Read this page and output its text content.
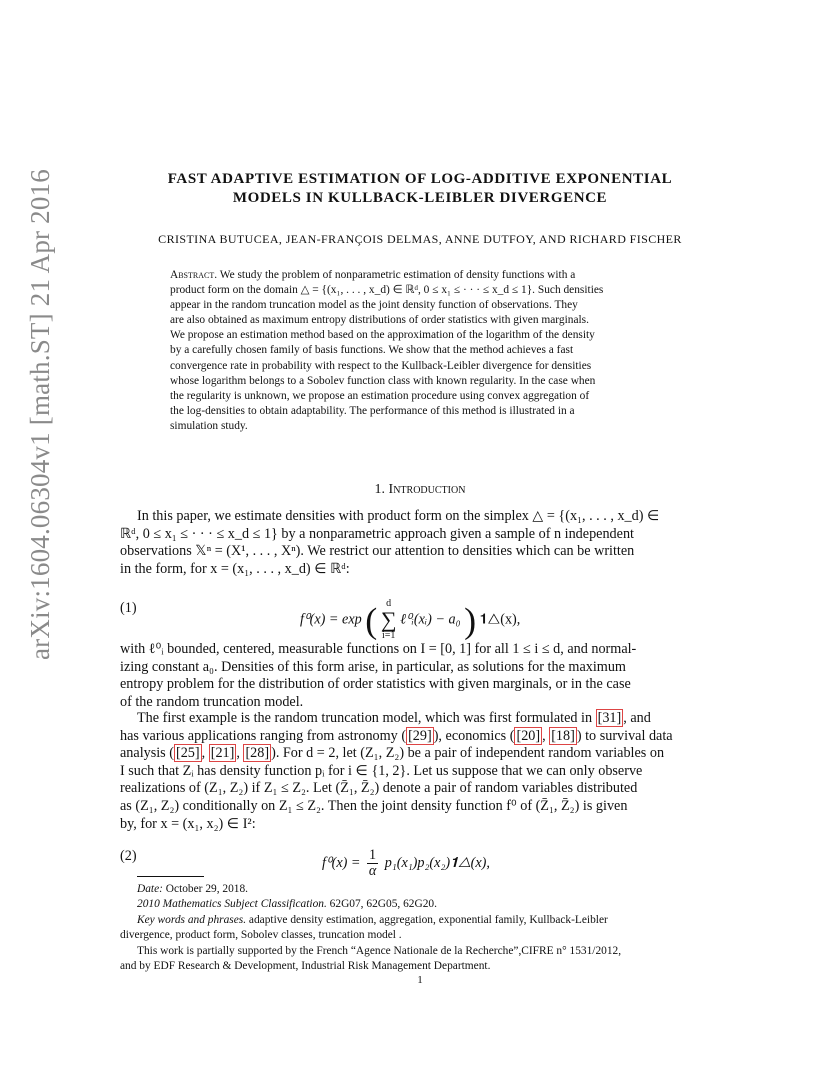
arXiv:1604.06304v1 [math.ST] 21 Apr 2016	FAST ADAPTIVE ESTIMATION OF LOG-ADDITIVE EXPONENTIAL
MODELS IN KULLBACK-LEIBLER DIVERGENCE
CRISTINA BUTUCEA, JEAN-FRANÇOIS DELMAS, ANNE DUTFOY, AND RICHARD FISCHER
Abstract. We study the problem of nonparametric estimation of density functions with a
product form on the domain △ = {(x₁, . . . , x_d) ∈ ℝᵈ, 0 ≤ x₁ ≤ · · · ≤ x_d ≤ 1}. Such densities
appear in the random truncation model as the joint density function of observations. They
are also obtained as maximum entropy distributions of order statistics with given marginals.
We propose an estimation method based on the approximation of the logarithm of the density
by a carefully chosen family of basis functions. We show that the method achieves a fast
convergence rate in probability with respect to the Kullback-Leibler divergence for densities
whose logarithm belongs to a Sobolev function class with known regularity. In the case when
the regularity is unknown, we propose an estimation procedure using convex aggregation of
the log-densities to obtain adaptability. The performance of this method is illustrated in a
simulation study.
1. Introduction
In this paper, we estimate densities with product form on the simplex △ = {(x₁, . . . , x_d) ∈
ℝᵈ, 0 ≤ x₁ ≤ · · · ≤ x_d ≤ 1} by a nonparametric approach given a sample of n independent
observations 𝕏ⁿ = (X¹, . . . , Xⁿ). We restrict our attention to densities which can be written
in the form, for x = (x₁, . . . , x_d) ∈ ℝᵈ:
(1)
f⁰(x) = exp ( d
∑
i=1
ℓ⁰ᵢ(xᵢ) − a₀ ) 𝟏△(x),
with ℓ⁰ᵢ bounded, centered, measurable functions on I = [0, 1] for all 1 ≤ i ≤ d, and normal-
izing constant a₀. Densities of this form arise, in particular, as solutions for the maximum
entropy problem for the distribution of order statistics with given marginals, or in the case
of the random truncation model.
The first example is the random truncation model, which was first formulated in [31] , and
has various applications ranging from astronomy ( [29] ), economics ( [20] , [18] ) to survival data
analysis ( [25] , [21] , [28] ). For d = 2, let (Z₁, Z₂) be a pair of independent random variables on
I such that Zᵢ has density function pᵢ for i ∈ {1, 2}. Let us suppose that we can only observe
realizations of (Z₁, Z₂) if Z₁ ≤ Z₂. Let (Z̄₁, Z̄₂) denote a pair of random variables distributed
as (Z₁, Z₂) conditionally on Z₁ ≤ Z₂. Then the joint density function f⁰ of (Z̄₁, Z̄₂) is given
by, for x = (x₁, x₂) ∈ I²:
(2)	$f^0(x) = \frac{1}{\alpha}$ p₁(x₁)p₂(x₂)𝟏△(x),
Date: October 29, 2018.
2010 Mathematics Subject Classification. 62G07, 62G05, 62G20.
Key words and phrases. adaptive density estimation, aggregation, exponential family, Kullback-Leibler
divergence, product form, Sobolev classes, truncation model .
This work is partially supported by the French “Agence Nationale de la Recherche”,CIFRE n° 1531/2012,
and by EDF Research & Development, Industrial Risk Management Department.
1
